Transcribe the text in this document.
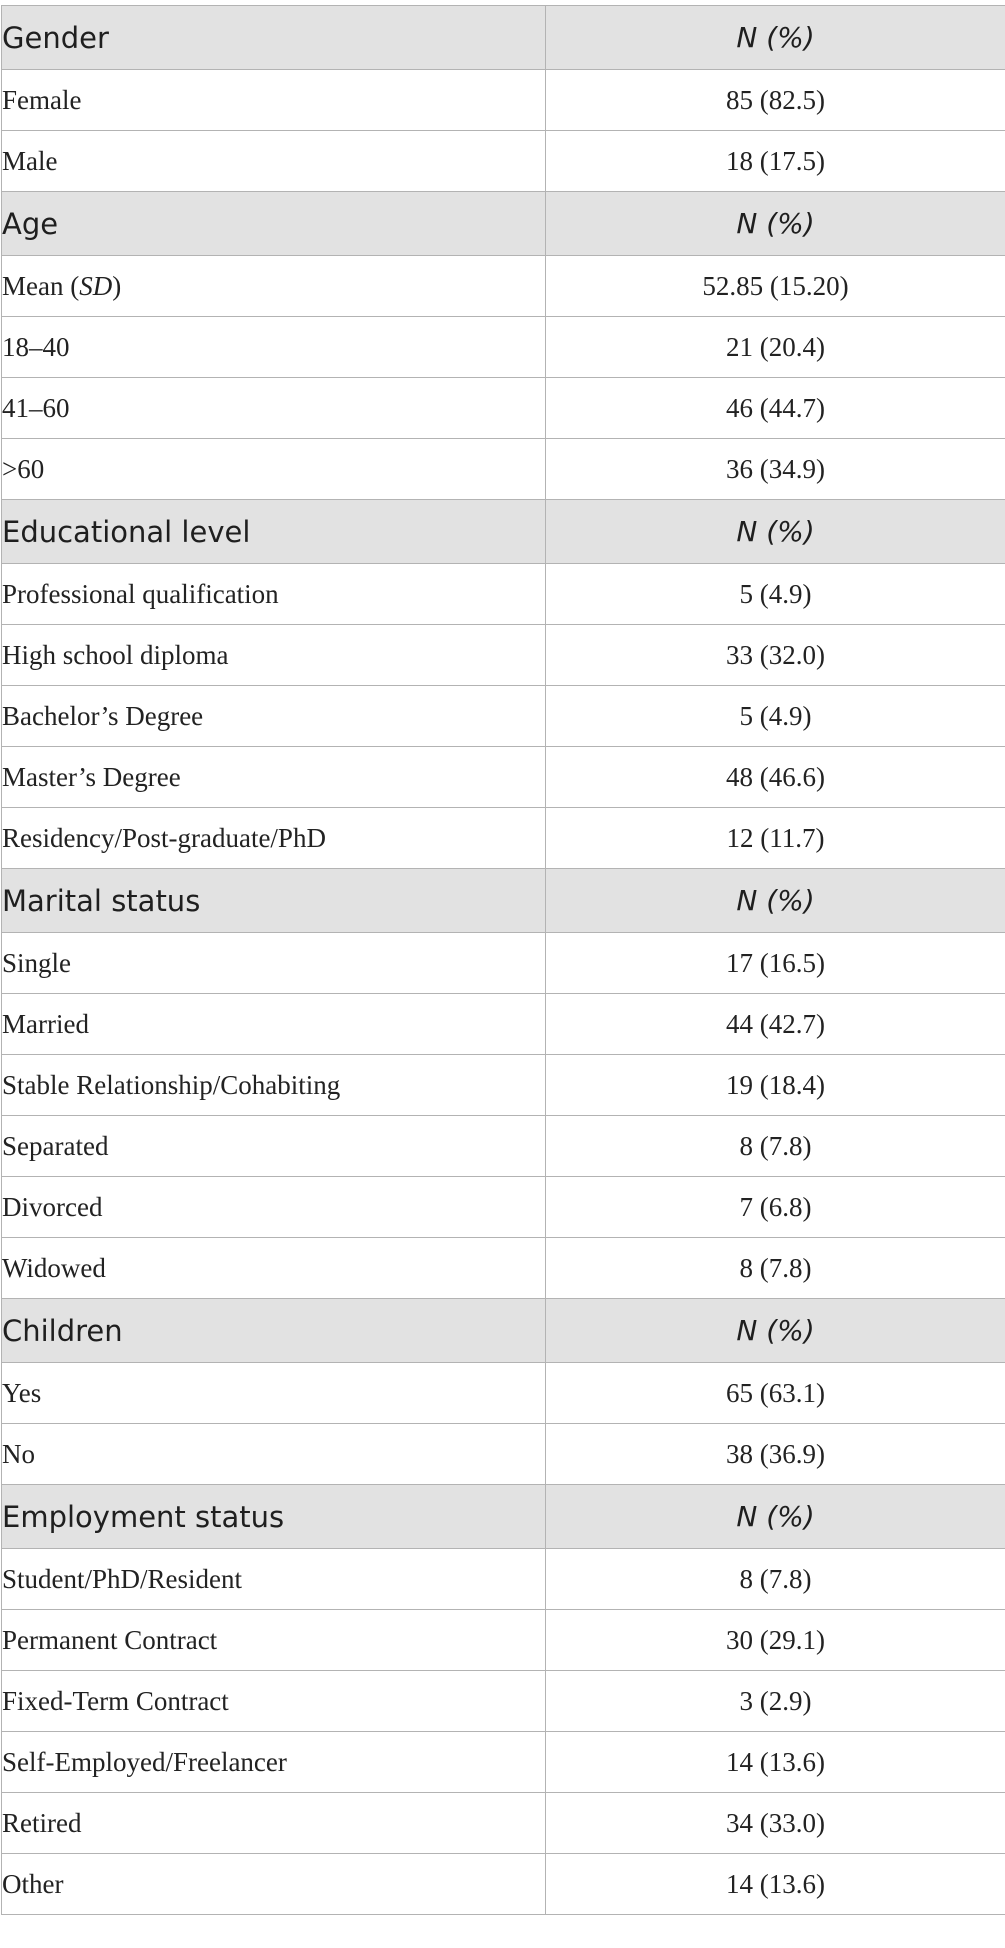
Gender	N (%)
Female	85 (82.5)
Male	18 (17.5)
Age	N (%)
Mean (SD)	52.85 (15.20)
18–40	21 (20.4)
41–60	46 (44.7)
>60	36 (34.9)
Educational level	N (%)
Professional qualification	5 (4.9)
High school diploma	33 (32.0)
Bachelor’s Degree	5 (4.9)
Master’s Degree	48 (46.6)
Residency/Post-graduate/PhD	12 (11.7)
Marital status	N (%)
Single	17 (16.5)
Married	44 (42.7)
Stable Relationship/Cohabiting	19 (18.4)
Separated	8 (7.8)
Divorced	7 (6.8)
Widowed	8 (7.8)
Children	N (%)
Yes	65 (63.1)
No	38 (36.9)
Employment status	N (%)
Student/PhD/Resident	8 (7.8)
Permanent Contract	30 (29.1)
Fixed-Term Contract	3 (2.9)
Self-Employed/Freelancer	14 (13.6)
Retired	34 (33.0)
Other	14 (13.6)
